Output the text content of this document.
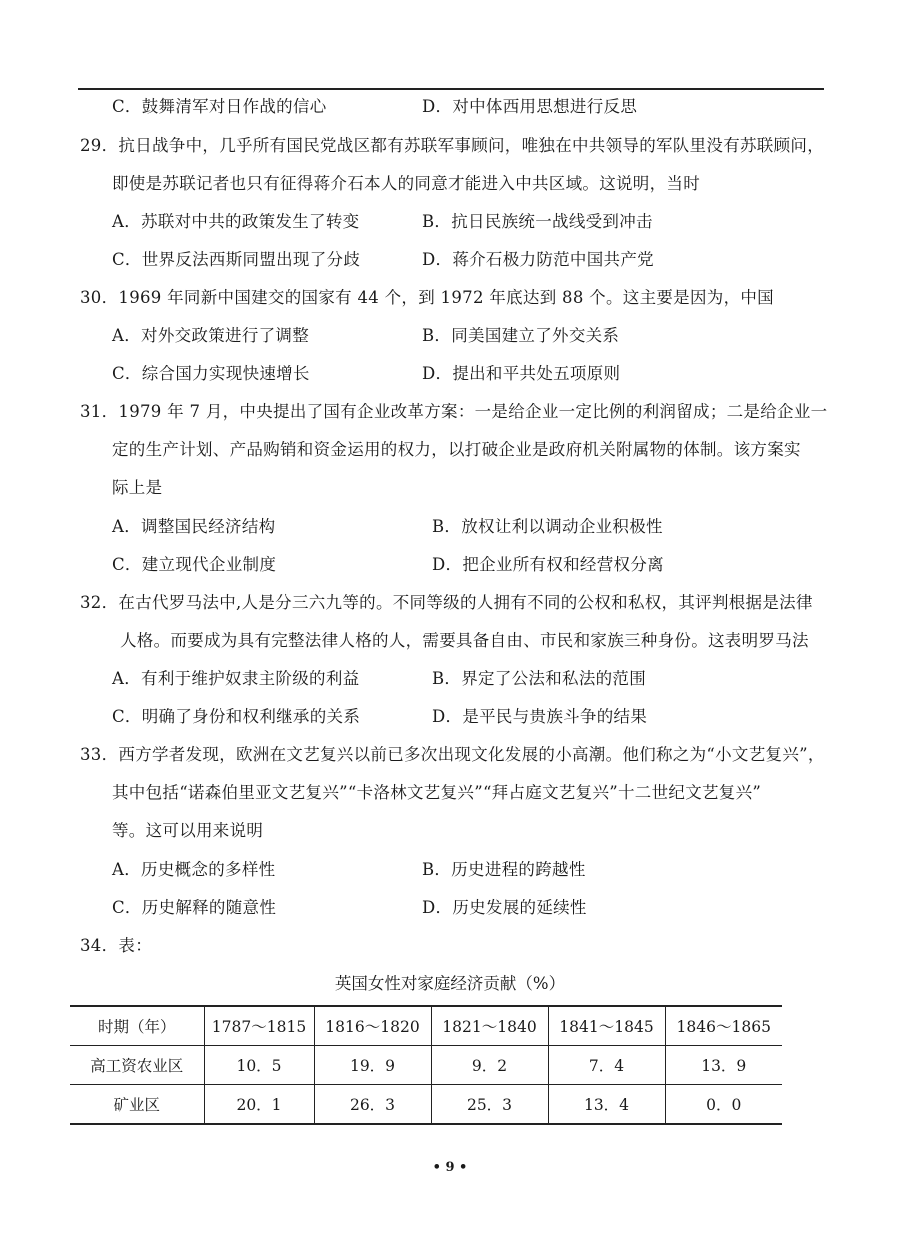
C．鼓舞清军对日作战的信心	D．对中体西用思想进行反思
29．抗日战争中，几乎所有国民党战区都有苏联军事顾问，唯独在中共领导的军队里没有苏联顾问，
即使是苏联记者也只有征得蒋介石本人的同意才能进入中共区域。这说明，当时
A．苏联对中共的政策发生了转变	B．抗日民族统一战线受到冲击
C．世界反法西斯同盟出现了分歧	D．蒋介石极力防范中国共产党
30．1969 年同新中国建交的国家有 44 个，到 1972 年底达到 88 个。这主要是因为，中国
A．对外交政策进行了调整	B．同美国建立了外交关系
C．综合国力实现快速增长	D．提出和平共处五项原则
31．1979 年 7 月，中央提出了国有企业改革方案：一是给企业一定比例的利润留成；二是给企业一
定的生产计划、产品购销和资金运用的权力，以打破企业是政府机关附属物的体制。该方案实
际上是
A．调整国民经济结构	B．放权让利以调动企业积极性
C．建立现代企业制度	D．把企业所有权和经营权分离
32．在古代罗马法中,人是分三六九等的。不同等级的人拥有不同的公权和私权，其评判根据是法律
人格。而要成为具有完整法律人格的人，需要具备自由、市民和家族三种身份。这表明罗马法
A．有利于维护奴隶主阶级的利益	B．界定了公法和私法的范围
C．明确了身份和权利继承的关系	D．是平民与贵族斗争的结果
33．西方学者发现，欧洲在文艺复兴以前已多次出现文化发展的小高潮。他们称之为“小文艺复兴”，
其中包括“诺森伯里亚文艺复兴”“卡洛林文艺复兴”“拜占庭文艺复兴”十二世纪文艺复兴”
等。这可以用来说明
A．历史概念的多样性	B．历史进程的跨越性
C．历史解释的随意性	D．历史发展的延续性
34．表：
英国女性对家庭经济贡献（%）
时期（年）	1787～1815	1816～1820	1821～1840	1841～1845	1846～1865
高工资农业区	10．5	19．9	9．2	7．4	13．9
矿业区	20．1	26．3	25．3	13．4	0．0
• 9 •
